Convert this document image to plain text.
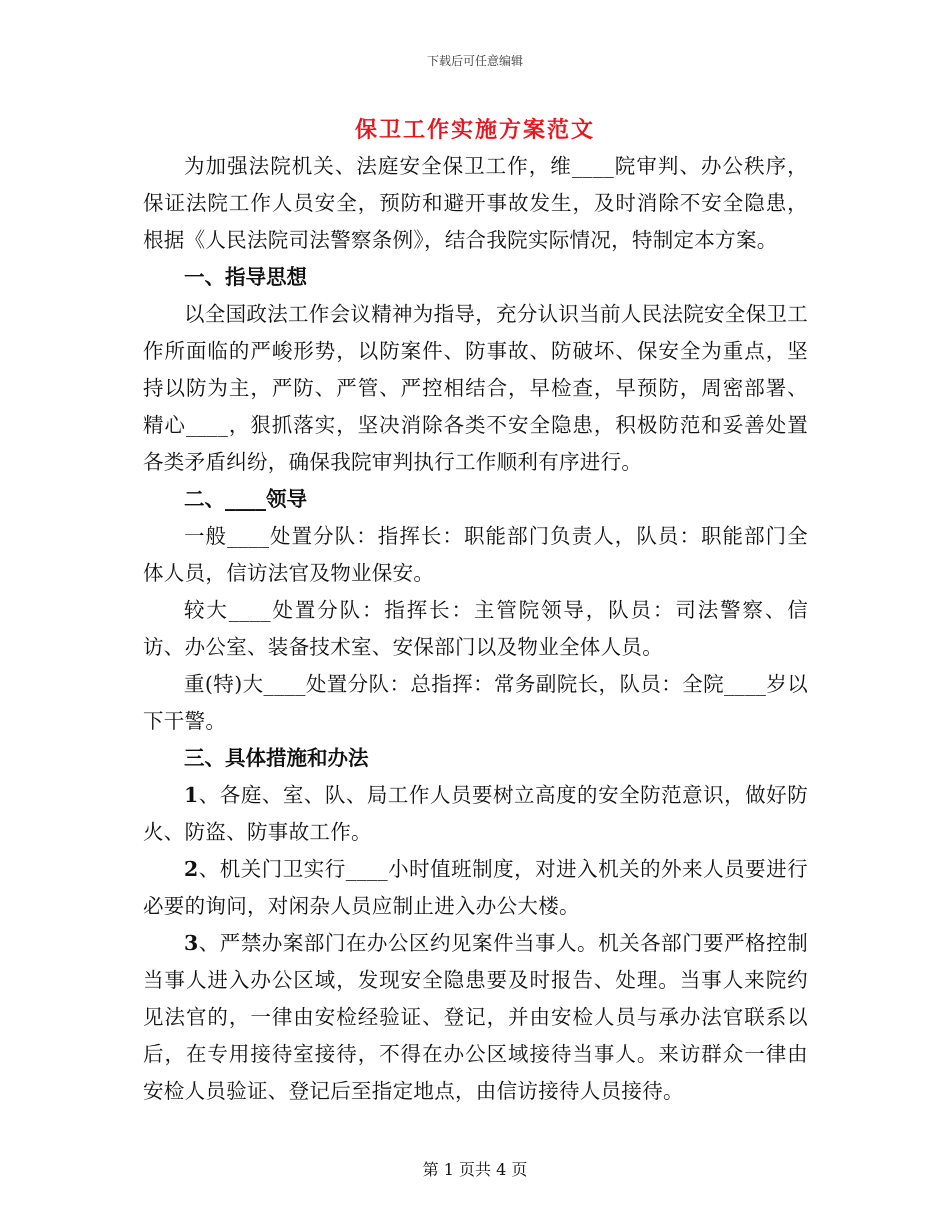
下载后可任意编辑
保卫工作实施方案范文

为加强法院机关、法庭安全保卫工作，维____院审判、办公秩序，保证法院工作人员安全，预防和避开事故发生，及时消除不安全隐患，根据《人民法院司法警察条例》，结合我院实际情况，特制定本方案。

一、指导思想

以全国政法工作会议精神为指导，充分认识当前人民法院安全保卫工作所面临的严峻形势，以防案件、防事故、防破坏、保安全为重点，坚持以防为主，严防、严管、严控相结合，早检查，早预防，周密部署、精心____，狠抓落实，坚决消除各类不安全隐患，积极防范和妥善处置各类矛盾纠纷，确保我院审判执行工作顺利有序进行。

二、____领导

一般____处置分队：指挥长：职能部门负责人，队员：职能部门全体人员，信访法官及物业保安。

较大____处置分队：指挥长：主管院领导，队员：司法警察、信访、办公室、装备技术室、安保部门以及物业全体人员。

重(特)大____处置分队：总指挥：常务副院长，队员：全院____岁以下干警。

三、具体措施和办法

1、各庭、室、队、局工作人员要树立高度的安全防范意识，做好防火、防盗、防事故工作。

2、机关门卫实行____小时值班制度，对进入机关的外来人员要进行必要的询问，对闲杂人员应制止进入办公大楼。

3、严禁办案部门在办公区约见案件当事人。机关各部门要严格控制当事人进入办公区域，发现安全隐患要及时报告、处理。当事人来院约见法官的，一律由安检经验证、登记，并由安检人员与承办法官联系以后，在专用接待室接待，不得在办公区域接待当事人。来访群众一律由安检人员验证、登记后至指定地点，由信访接待人员接待。

第 1 页共 4 页
